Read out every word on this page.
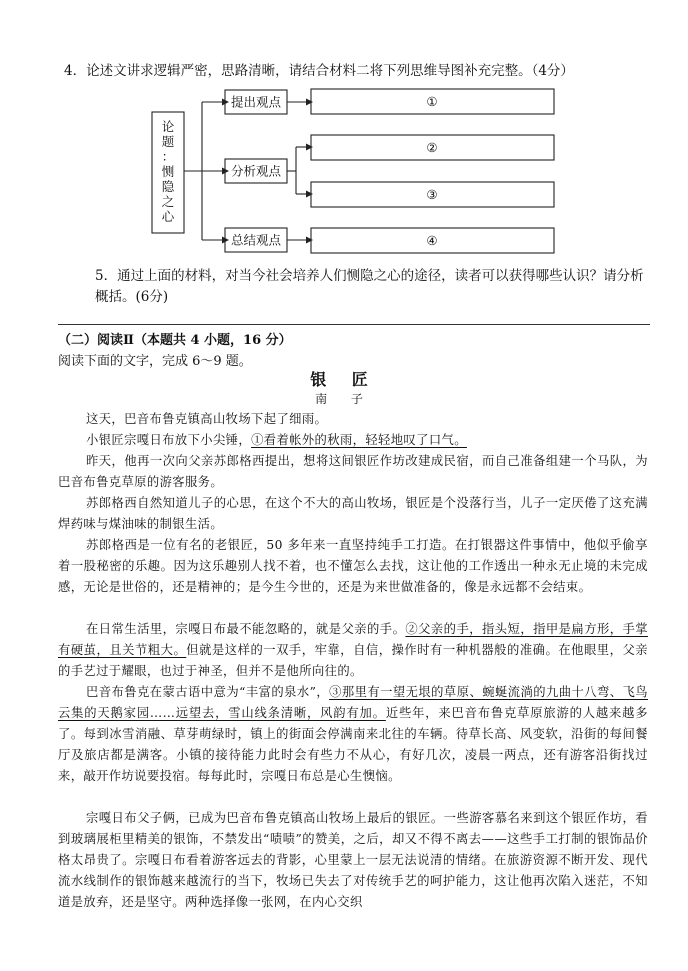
4．论述文讲求逻辑严密，思路清晰，请结合材料二将下列思维导图补充完整。（4分）
论
题
：
恻
隐
之
心
提出观点
分析观点
总结观点
①
②
③
④
5．通过上面的材料，对当今社会培养人们恻隐之心的途径，读者可以获得哪些认识？请分析概括。(6分)
（二）阅读Ⅱ（本题共 4 小题，16 分）
阅读下面的文字，完成 6～9 题。
银 匠
南 子
这天，巴音布鲁克镇高山牧场下起了细雨。
小银匠宗嘎日布放下小尖锤，①看着帐外的秋雨，轻轻地叹了口气。
昨天，他再一次向父亲苏郎格西提出，想将这间银匠作坊改建成民宿，而自己准备组建一个马队，为巴音布鲁克草原的游客服务。
苏郎格西自然知道儿子的心思，在这个不大的高山牧场，银匠是个没落行当，儿子一定厌倦了这充满焊药味与煤油味的制银生活。
苏郎格西是一位有名的老银匠，50 多年来一直坚持纯手工打造。在打银器这件事情中，他似乎偷享着一股秘密的乐趣。因为这乐趣别人找不着，也不懂怎么去找，这让他的工作透出一种永无止境的未完成感，无论是世俗的，还是精神的；是今生今世的，还是为来世做准备的，像是永远都不会结束。
在日常生活里，宗嘎日布最不能忽略的，就是父亲的手。②父亲的手，指头短，指甲是扁方形，手掌有硬茧，且关节粗大。但就是这样的一双手，牢靠，自信，操作时有一种机器般的准确。在他眼里，父亲的手艺过于耀眼，也过于神圣，但并不是他所向往的。
巴音布鲁克在蒙古语中意为“丰富的泉水”，③那里有一望无垠的草原、蜿蜒流淌的九曲十八弯、飞鸟云集的天鹅家园……远望去，雪山线条清晰，风韵有加。近些年，来巴音布鲁克草原旅游的人越来越多了。每到冰雪消融、草芽萌绿时，镇上的街面会停满南来北往的车辆。待草长高、风变软，沿街的每间餐厅及旅店都是满客。小镇的接待能力此时会有些力不从心，有好几次，凌晨一两点，还有游客沿街找过来，敲开作坊说要投宿。每每此时，宗嘎日布总是心生懊恼。
宗嘎日布父子俩，已成为巴音布鲁克镇高山牧场上最后的银匠。一些游客慕名来到这个银匠作坊，看到玻璃展柜里精美的银饰，不禁发出“啧啧”的赞美，之后，却又不得不离去——这些手工打制的银饰品价格太昂贵了。宗嘎日布看着游客远去的背影，心里蒙上一层无法说清的情绪。在旅游资源不断开发、现代流水线制作的银饰越来越流行的当下，牧场已失去了对传统手艺的呵护能力，这让他再次陷入迷茫，不知道是放弃，还是坚守。两种选择像一张网，在内心交织
